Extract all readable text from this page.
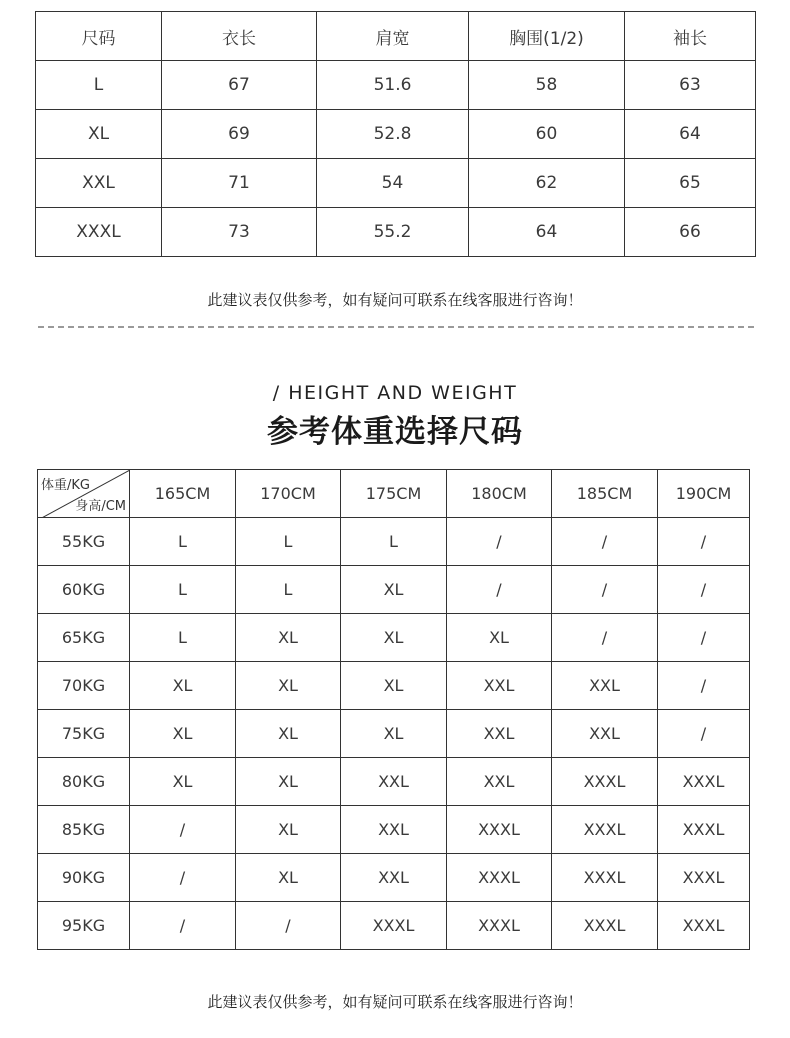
尺码	衣长	肩宽	胸围(1/2)	袖长
L	67	51.6	58	63
XL	69	52.8	60	64
XXL	71	54	62	65
XXXL	73	55.2	64	66
此建议表仅供参考，如有疑问可联系在线客服进行咨询！
/ HEIGHT AND WEIGHT
参考体重选择尺码
体重/KG
身高/CM	165CM	170CM	175CM	180CM	185CM	190CM
55KG	L	L	L	/	/	/
60KG	L	L	XL	/	/	/
65KG	L	XL	XL	XL	/	/
70KG	XL	XL	XL	XXL	XXL	/
75KG	XL	XL	XL	XXL	XXL	/
80KG	XL	XL	XXL	XXL	XXXL	XXXL
85KG	/	XL	XXL	XXXL	XXXL	XXXL
90KG	/	XL	XXL	XXXL	XXXL	XXXL
95KG	/	/	XXXL	XXXL	XXXL	XXXL
此建议表仅供参考，如有疑问可联系在线客服进行咨询！
